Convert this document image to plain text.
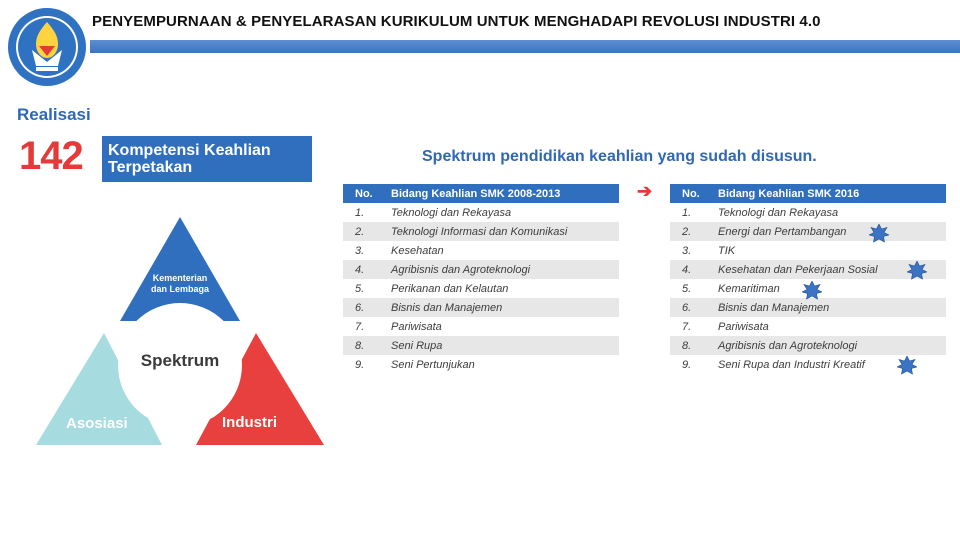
PENYEMPURNAAN & PENYELARASAN KURIKULUM UNTUK MENGHADAPI REVOLUSI INDUSTRI 4.0
Realisasi
142 Kompetensi Keahlian
Terpetakan
Kementerian dan Lembaga
Spektrum
Asosiasi	Industri
Spektrum pendidikan keahlian yang sudah disusun.
No.	Bidang Keahlian SMK 2008-2013
1.	Teknologi dan Rekayasa
2.	Teknologi Informasi dan Komunikasi
3.	Kesehatan
4.	Agribisnis dan Agroteknologi
5.	Perikanan dan Kelautan
6.	Bisnis dan Manajemen
7.	Pariwisata
8.	Seni Rupa
9.	Seni Pertunjukan
➔	No.	Bidang Keahlian SMK 2016
1.	Teknologi dan Rekayasa
2.	Energi dan Pertambangan
3.	TIK
4.	Kesehatan dan Pekerjaan Sosial
5.	Kemaritiman
6.	Bisnis dan Manajemen
7.	Pariwisata
8.	Agribisnis dan Agroteknologi
9.	Seni Rupa dan Industri Kreatif
